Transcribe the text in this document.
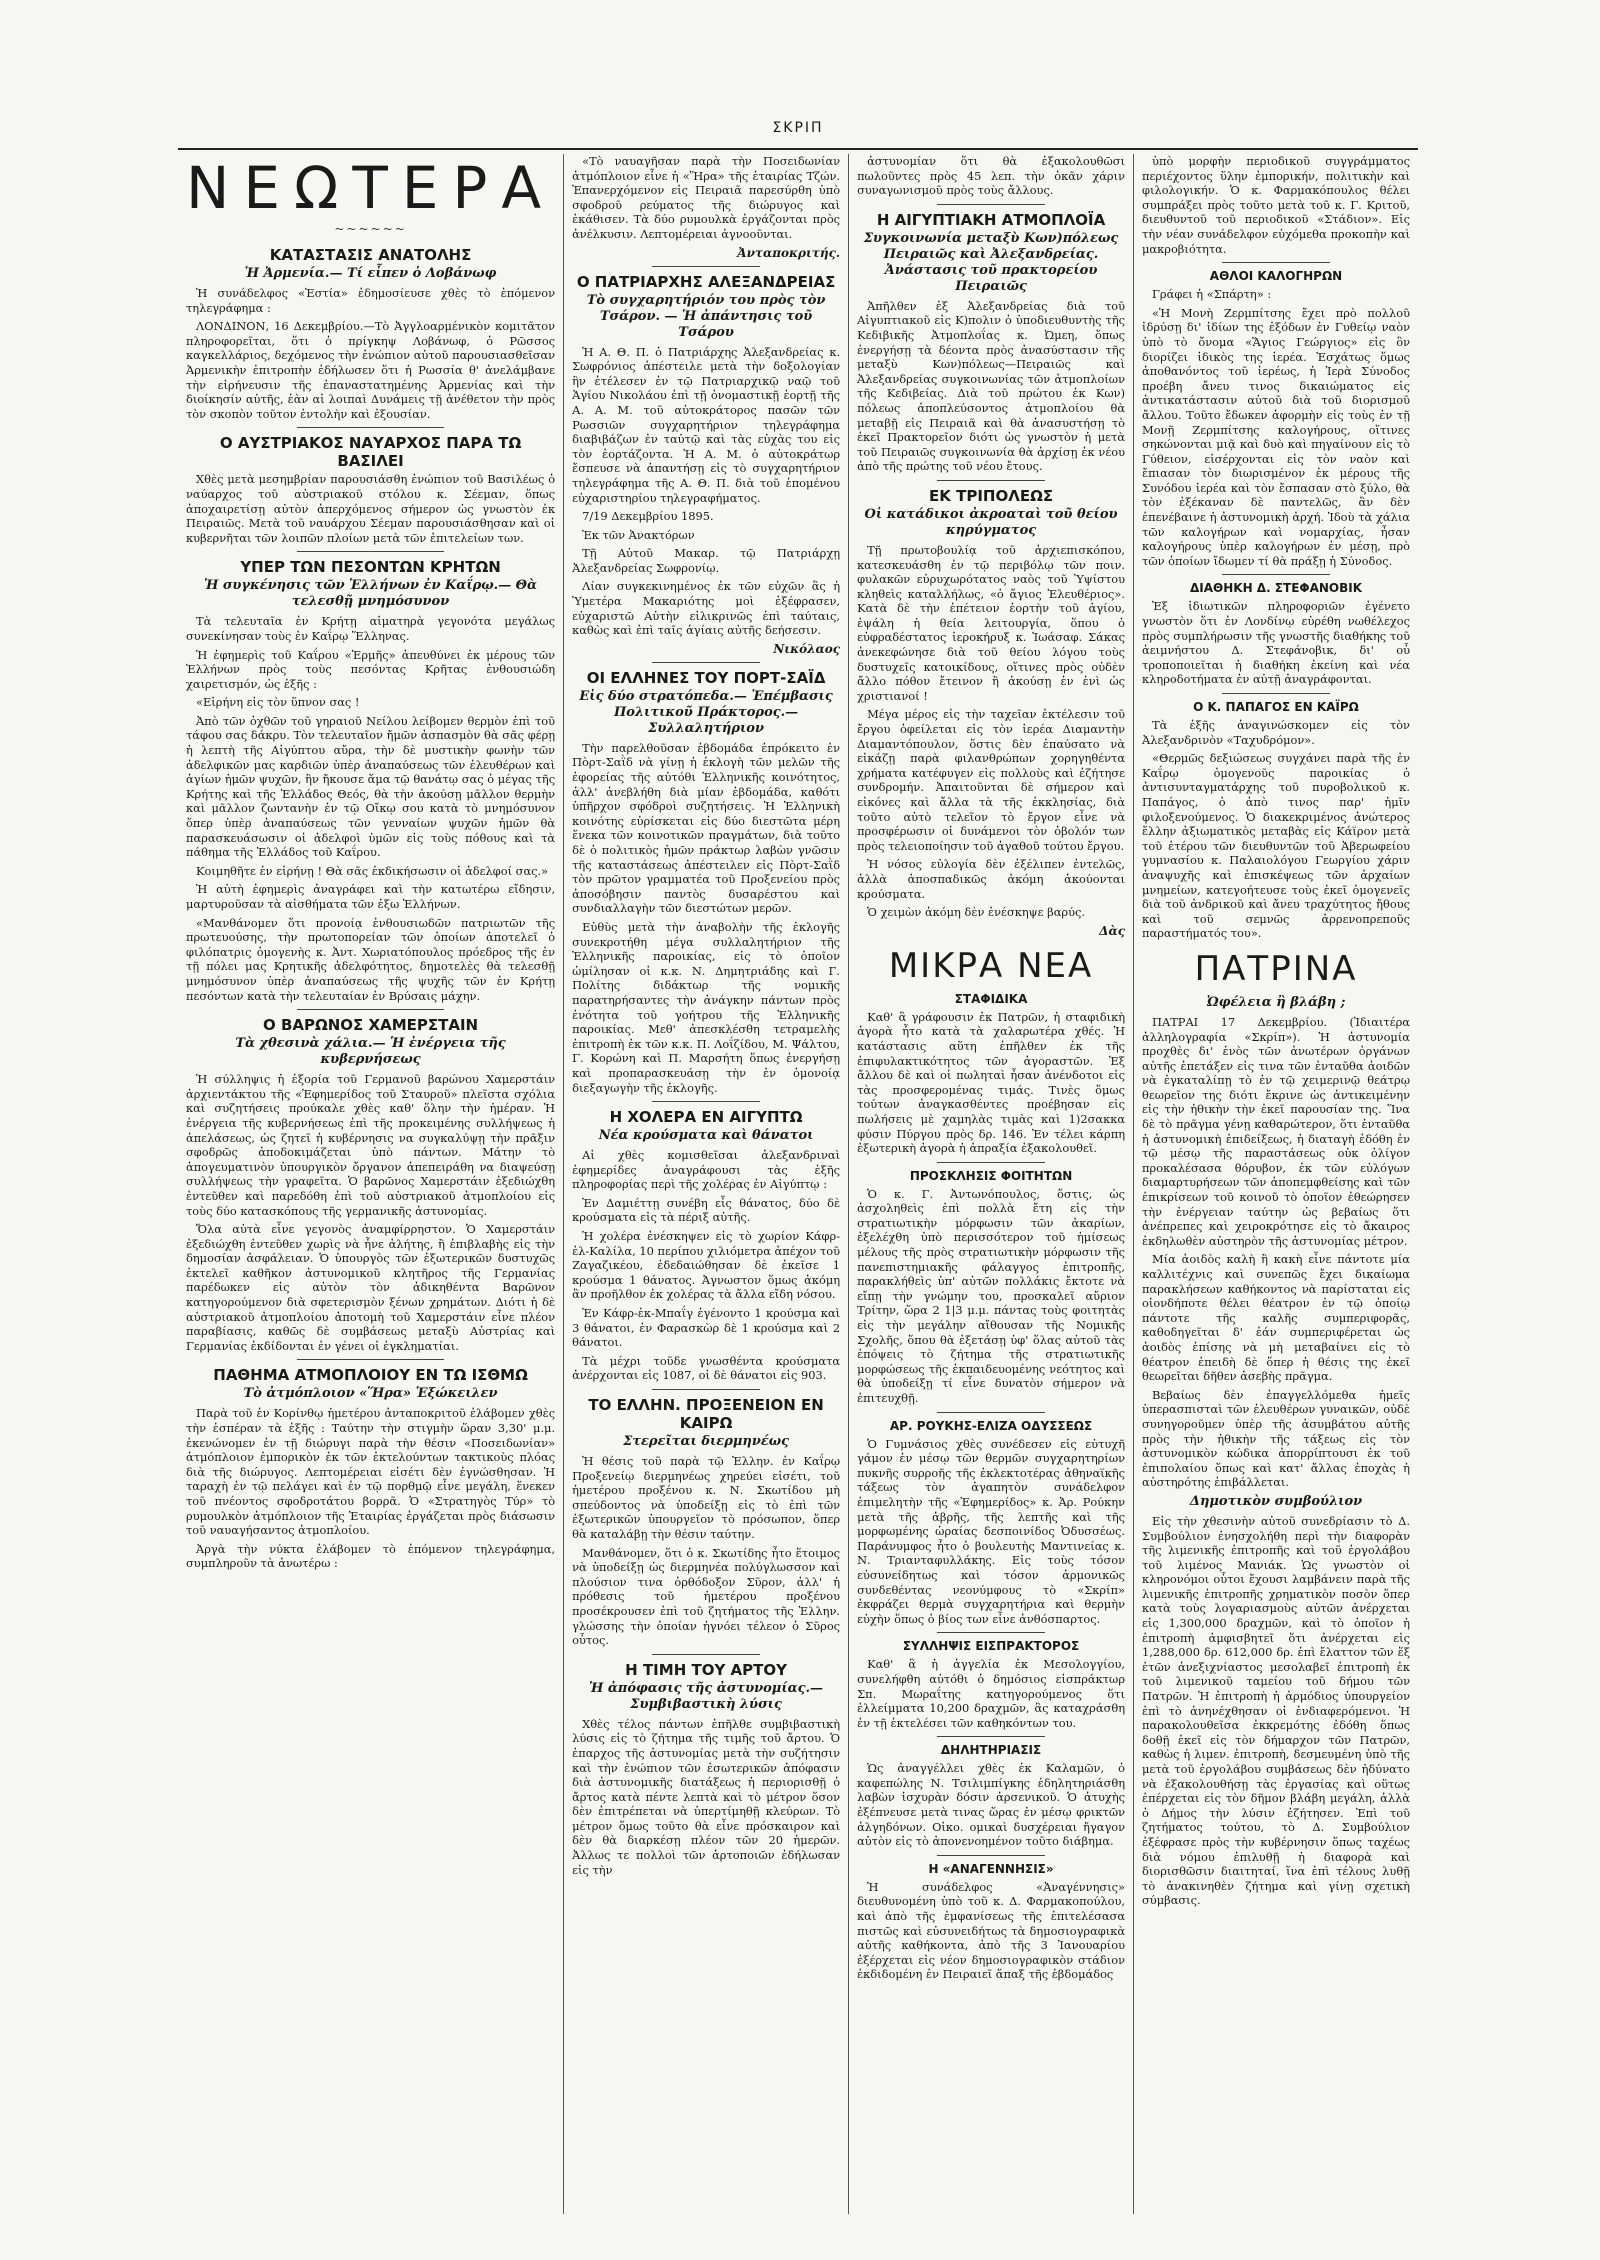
ΣΚΡΙΠ
ΝΕΩΤΕΡΑ
~~~~~~
ΚΑΤΑΣΤΑΣΙΣ ΑΝΑΤΟΛΗΣ
Ἡ Ἀρμενία.— Τί εἶπεν ὁ Λοβάνωφ

Ἡ συνάδελφος «Ἑστία» ἐδημοσίευσε χθὲς τὸ ἑπόμενον τηλεγράφημα :

ΛΟΝΔΙΝΟΝ, 16 Δεκεμβρίου.—Τὸ Ἀγγλοαρμένικὸν κομιτᾶτον πληροφορεῖται, ὅτι ὁ πρίγκηψ Λοβάνωφ, ὁ Ρῶσσος καγκελλάριος, δεχόμενος τὴν ἐνώπιον αὐτοῦ παρουσιασθεῖσαν Ἀρμενικὴν ἐπιτροπὴν ἐδήλωσεν ὅτι ἡ Ρωσσία θ' ἀνελάμβανε τὴν εἰρήνευσιν τῆς ἐπαναστατημένης Ἀρμενίας καὶ τὴν διοίκησίν αὐτῆς, ἐὰν αἱ λοιπαὶ Δυνάμεις τῇ ἀνέθετον τὴν πρὸς τὸν σκοπὸν τοῦτον ἐντολὴν καὶ ἐξουσίαν.

Ο ΑΥΣΤΡΙΑΚΟΣ ΝΑΥΑΡΧΟΣ ΠΑΡΑ ΤΩ ΒΑΣΙΛΕΙ

Χθὲς μετὰ μεσημβρίαν παρουσιάσθη ἐνώπιον τοῦ Βασιλέως ὁ ναύαρχος τοῦ αὐστριακοῦ στόλου κ. Σέεμαν, ὅπως ἀποχαιρετίσῃ αὐτὸν ἀπερχόμενος σήμερον ὡς γνωστὸν ἐκ Πειραιῶς. Μετὰ τοῦ ναυάρχου Σέεμαν παρουσιάσθησαν καὶ οἱ κυβερνῆται τῶν λοιπῶν πλοίων μετὰ τῶν ἐπιτελείων των.

ΥΠΕΡ ΤΩΝ ΠΕΣΟΝΤΩΝ ΚΡΗΤΩΝ
Ἡ συγκένησις τῶν Ἑλλήνων ἐν Καΐρῳ.— Θὰ τελεσθῇ μνημόσυνον

Τὰ τελευταῖα ἐν Κρήτῃ αἱματηρὰ γεγονότα μεγάλως συνεκίνησαν τοὺς ἐν Καΐρῳ Ἕλληνας.

Ἡ ἐφημερὶς τοῦ Καΐρου «Ἑρμῆς» ἀπευθύνει ἐκ μέρους τῶν Ἑλλήνων πρὸς τοὺς πεσόντας Κρῆτας ἐνθουσιώδη χαιρετισμόν, ὡς ἑξῆς :

«Εἰρήνη εἰς τὸν ὕπνον σας !

Ἀπὸ τῶν ὀχθῶν τοῦ γηραιοῦ Νείλου λείβομεν θερμὸν ἐπὶ τοῦ τάφου σας δάκρυ. Τὸν τελευταῖον ἤμῶν ἀσπασμὸν θὰ σᾶς φέρῃ ἡ λεπτὴ τῆς Αἰγύπτου αὔρα, τὴν δὲ μυστικὴν φωνὴν τῶν ἀδελφικῶν μας καρδιῶν ὑπὲρ ἀναπαύσεως τῶν ἐλευθέρων καὶ ἁγίων ἡμῶν ψυχῶν, ἣν ἤκουσε ἅμα τῷ θανάτῳ σας ὁ μέγας τῆς Κρήτης καὶ τῆς Ἑλλάδος Θεός, θὰ τὴν ἀκούσῃ μᾶλλον θερμὴν καὶ μᾶλλον ζωντανὴν ἐν τῷ Οἴκῳ σου κατὰ τὸ μνημόσυνον ὅπερ ὑπὲρ ἀναπαύσεως τῶν γενναίων ψυχῶν ἡμῶν θὰ παρασκευάσωσιν οἱ ἀδελφοὶ ὑμῶν εἰς τοὺς πόθους καὶ τὰ πάθημα τῆς Ἑλλάδος τοῦ Καΐρου.

Κοιμηθῆτε ἐν εἰρήνῃ ! Θὰ σᾶς ἐκδικήσωσιν οἱ ἀδελφοί σας.»

Ἡ αὐτὴ ἐφημερὶς ἀναγράφει καὶ τὴν κατωτέρω εἴδησιν, μαρτυροῦσαν τὰ αἰσθήματα τῶν ἐξω Ἑλλήνων.

«Μανθάνομεν ὅτι προνοίᾳ ἐνθουσιωδῶν πατριωτῶν τῆς πρωτευούσης, τὴν πρωτοπορείαν τῶν ὁποίων ἀποτελεῖ ὁ φιλόπατρις ὁμογενὴς κ. Ἀντ. Χωριατόπουλος πρόεδρος τῆς ἐν τῇ πόλει μας Κρητικῆς ἀδελφότητος, δημοτελὲς θὰ τελεσθῇ μνημόσυνον ὑπὲρ ἀναπαύσεως τῆς ψυχῆς τῶν ἐν Κρήτῃ πεσόντων κατὰ τὴν τελευταίαν ἐν Βρύσαις μάχην.

Ο ΒΑΡΩΝΟΣ ΧΑΜΕΡΣΤΑΙΝ
Τὰ χθεσινὰ χάλια.— Ἡ ἐνέργεια τῆς κυβερνήσεως

Ἡ σύλληψις ἡ ἐξορία τοῦ Γερμανοῦ βαρώνου Χαμερστάιν ἀρχιεντάκτου τῆς «Ἐφημερίδος τοῦ Σταυροῦ» πλεῖστα σχόλια καὶ συζητήσεις προύκαλε χθὲς καθ' ὅλην τὴν ἡμέραν. Ἡ ἐνέργεια τῆς κυβερνήσεως ἐπὶ τῆς προκειμένης συλλήψεως ἡ ἀπελάσεως, ὡς ζητεῖ ἡ κυβέρνησις να συγκαλύψῃ τὴν πρᾶξιν σφοδρῶς ἀποδοκιμάζεται ὑπὸ πάντων. Μάτην τὸ ἀπογευματινὸν ὑπουργικὸν ὄργανον ἀπεπειράθη να διαψεύσῃ συλλήψεως τὴν γραφεῖτα. Ὁ βαρῶνος Χαμερστάιν ἐξεδιώχθη ἐντεῦθεν καὶ παρεδόθη ἐπὶ τοῦ αὐστριακοῦ ἀτμοπλοίου εἰς τοὺς δύο κατασκόπους τῆς γερμανικῆς ἀστυνομίας.

Ὅλα αὐτὰ εἶνε γεγονὸς ἀναμφίρρηστον. Ὁ Χαμερστάιν ἐξεδιώχθη ἐντεῦθεν χωρὶς νὰ ἦνε ἀλήτης, ἢ ἐπιβλαβὴς εἰς τὴν δημοσίαν ἀσφάλειαν. Ὁ ὑπουργὸς τῶν ἐξωτερικῶν δυστυχῶς ἐκτελεῖ καθῆκον ἀστυνομικοῦ κλητῆρος τῆς Γερμανίας παρέδωκεν εἰς αὐτὸν τὸν ἀδικηθέντα Βαρῶνον κατηγορούμενον διὰ σφετερισμὸν ξένων χρημάτων. Διότι ἡ δὲ αὐστριακοῦ ἀτμοπλοίου ἀποτομὴ τοῦ Χαμερστάιν εἶνε πλέον παραβίασις, καθῶς δὲ συμβάσεως μεταξὺ Αὐστρίας καὶ Γερμανίας ἐκδίδονται ἐν γένει οἱ ἐγκληματίαι.

ΠΑΘΗΜΑ ΑΤΜΟΠΛΟΙΟΥ ΕΝ ΤΩ ΙΣΘΜΩ
Τὸ ἀτμόπλοιον «Ἥρα» Ἐξώκειλεν

Παρὰ τοῦ ἐν Κορίνθῳ ἡμετέρου ἀνταποκριτοῦ ἐλάβομεν χθὲς τὴν ἑσπέραν τὰ ἑξῆς : Ταύτην τὴν στιγμὴν ὥραν 3,30' μ.μ. ἐκενώνομεν ἐν τῇ διώρυγι παρὰ τὴν θέσιν «Ποσειδωνίαν» ἀτμόπλοιον ἐμπορικὸν ἐκ τῶν ἐκτελούντων τακτικοὺς πλόας διὰ τῆς διώρυγος. Λεπτομέρειαι εἰσέτι δὲν ἐγνώσθησαν. Ἡ ταραχὴ ἐν τῷ πελάγει καὶ ἐν τῷ πορθμῷ εἶνε μεγάλη, ἕνεκεν τοῦ πνέοντος σφοδροτάτου βορρᾶ. Ὁ «Στρατηγὸς Τύρ» τὸ ρυμουλκὸν ἀτμόπλοιον τῆς Ἑταιρίας ἐργάζεται πρὸς διάσωσιν τοῦ ναυαγήσαντος ἀτμοπλοίου.

Ἀργὰ τὴν νύκτα ἐλάβομεν τὸ ἑπόμενον τηλεγράφημα, συμπληροῦν τὰ ἀνωτέρω :

«Τὸ ναυαγῆσαν παρὰ τὴν Ποσειδωνίαν ἀτμόπλοιον εἶνε ἡ «Ἥρα» τῆς ἑταιρίας Τζών. Ἐπανερχόμενον εἰς Πειραιᾶ παρεσύρθη ὑπὸ σφοδροῦ ρεύματος τῆς διώρυγος καὶ ἐκάθισεν. Τὰ δύο ρυμουλκὰ ἐργάζονται πρὸς ἀνέλκυσιν. Λεπτομέρειαι ἀγνοοῦνται.

Ἀνταποκριτής.
Ο ΠΑΤΡΙΑΡΧΗΣ ΑΛΕΞΑΝΔΡΕΙΑΣ
Τὸ συγχαρητήριόν του πρὸς τὸν Τσάρον. — Ἡ ἀπάντησις τοῦ Τσάρου

Ἡ Α. Θ. Π. ὁ Πατριάρχης Ἀλεξανδρείας κ. Σωφρόνιος ἀπέστειλε μετὰ τὴν δοξολογίαν ἣν ἐτέλεσεν ἐν τῷ Πατριαρχικῷ ναῷ τοῦ Ἁγίου Νικολάου ἐπὶ τῇ ὀνομαστικῇ ἑορτῇ τῆς Α. Α. Μ. τοῦ αὐτοκράτορος πασῶν τῶν Ρωσσιῶν συγχαρητήριον τηλεγράφημα διαβιβάζων ἐν ταὐτῷ καὶ τὰς εὐχὰς του εἰς τὸν ἑορτάζοντα. Ἡ Α. Μ. ὁ αὐτοκράτωρ ἔσπευσε νὰ ἀπαντήσῃ εἰς τὸ συγχαρητήριον τηλεγράφημα τῆς Α. Θ. Π. διὰ τοῦ ἑπομένου εὐχαριστηρίου τηλεγραφήματος.

7/19 Δεκεμβρίου 1895.

Ἐκ τῶν Ἀνακτόρων

Τῇ Αὐτοῦ Μακαρ. τῷ Πατριάρχῃ Ἀλεξανδρείας Σωφρονίῳ.

Λίαν συγκεκινημένος ἐκ τῶν εὐχῶν ἃς ἡ Ὑμετέρα Μακαριότης μοὶ ἐξέφρασεν, εὐχαριστῶ Αὐτὴν εἰλικρινῶς ἐπὶ ταύταις, καθὼς καὶ ἐπὶ ταῖς ἁγίαις αὐτῆς δεήσεσιν.

Νικόλαος
ΟΙ ΕΛΛΗΝΕΣ ΤΟΥ ΠΟΡΤ-ΣΑΪΔ
Εἰς δύο στρατόπεδα.— Ἐπέμβασις Πολιτικοῦ Πράκτορος.— Συλλαλητήριον

Τὴν παρελθοῦσαν ἑβδομάδα ἐπρόκειτο ἐν Πὸρτ-Σαῒδ νὰ γίνῃ ἡ ἐκλογὴ τῶν μελῶν τῆς ἐφορείας τῆς αὐτόθι Ἑλληνικῆς κοινότητος, ἀλλ' ἀνεβλήθη διὰ μίαν ἑβδομάδα, καθότι ὑπῆρχον σφόδροὶ συζητήσεις. Ἡ Ἑλληνικὴ κοινότης εὑρίσκεται εἰς δύο διεστῶτα μέρη ἕνεκα τῶν κοινοτικῶν πραγμάτων, διὰ τοῦτο δὲ ὁ πολιτικὸς ἡμῶν πράκτωρ λαβὼν γνῶσιν τῆς καταστάσεως ἀπέστειλεν εἰς Πὸρτ-Σαῒδ τὸν πρῶτον γραμματέα τοῦ Προξενείου πρὸς ἀποσόβησιν παντὸς δυσαρέστου καὶ συνδιαλλαγὴν τῶν διεστώτων μερῶν.

Εὐθὺς μετὰ τὴν ἀναβολὴν τῆς ἐκλογῆς συνεκροτήθη μέγα συλλαλητήριον τῆς Ἑλληνικῆς παροικίας, εἰς τὸ ὁποῖον ὡμίλησαν οἱ κ.κ. Ν. Δημητριάδης καὶ Γ. Πολίτης διδάκτωρ τῆς νομικῆς παρατηρήσαντες τὴν ἀνάγκην πάντων πρὸς ἐνότητα τοῦ γοήτρου τῆς Ἑλληνικῆς παροικίας. Μεθ' ἀπεσκλέσθη τετραμελὴς ἐπιτροπὴ ἐκ τῶν κ.κ. Π. Λοΐζίδου, Μ. Ψάλτου, Γ. Κορώνη καὶ Π. Μαρσήτη ὅπως ἐνεργήσῃ καὶ προπαρασκευάσῃ τὴν ἐν ὁμονοίᾳ διεξαγωγὴν τῆς ἐκλογῆς.

Η ΧΟΛΕΡΑ ΕΝ ΑΙΓΥΠΤΩ
Νέα κρούσματα καὶ θάνατοι

Αἱ χθὲς κομισθεῖσαι ἀλεξανδριναὶ ἐφημερίδες ἀναγράφουσι τὰς ἑξῆς πληροφορίας περὶ τῆς χολέρας ἐν Αἰγύπτῳ :

Ἐν Δαμιέττῃ συνέβη εἷς θάνατος, δύο δὲ κρούσματα εἰς τὰ πέριξ αὐτῆς.

Ἡ χολέρα ἐνέσκηψεν εἰς τὸ χωρίον Κάφρ-ἐλ-Καλίλα, 10 περίπου χιλιόμετρα ἀπέχον τοῦ Ζαγαζικέου, ἐδεδαιώθησαν δὲ ἐκεῖσε 1 κρούσμα 1 θάνατος. Ἀγνωστον ὅμως ἀκόμη ἂν προῆλθον ἐκ χολέρας τὰ ἄλλα εἴδη νόσου.

Ἐν Κάφρ-ἐκ-Μπαΐγ ἐγένοντο 1 κρούσμα καὶ 3 θάνατοι, ἐν Φαρασκὼρ δὲ 1 κρούσμα καὶ 2 θάνατοι.

Τὰ μέχρι τοῦδε γνωσθέντα κρούσματα ἀνέρχονται εἰς 1087, οἱ δὲ θάνατοι εἰς 903.

ΤΟ ΕΛΛΗΝ. ΠΡΟΞΕΝΕΙΟΝ ΕΝ ΚΑΙΡΩ
Στερεῖται διερμηνέως

Ἡ θέσις τοῦ παρὰ τῷ Ἑλλην. ἐν Καΐρῳ Προξενείῳ διερμηνέως χηρεύει εἰσέτι, τοῦ ἡμετέρου προξένου κ. Ν. Σκωτίδου μὴ σπεύδοντος νὰ ὑποδείξῃ εἰς τὸ ἐπὶ τῶν ἐξωτερικῶν ὑπουργεῖον τὸ πρόσωπον, ὅπερ θὰ καταλάβῃ τὴν θέσιν ταύτην.

Μανθάνομεν, ὅτι ὁ κ. Σκωτίδης ἦτο ἕτοιμος νὰ ὑποδείξῃ ὡς διερμηνέα πολύγλωσσον καὶ πλούσιον τινα ὀρθόδοξον Σῦρον, ἀλλ' ἡ πρόθεσις τοῦ ἡμετέρου προξένου προσέκρουσεν ἐπὶ τοῦ ζητήματος τῆς Ἑλλην. γλώσσης τὴν ὁποίαν ἠγνόει τέλεον ὁ Σῦρος οὗτος.

Η ΤΙΜΗ ΤΟΥ ΑΡΤΟΥ
Ἡ ἀπόφασις τῆς ἀστυνομίας.— Συμβιβαστικὴ λύσις

Χθὲς τέλος πάντων ἐπῆλθε συμβιβαστικὴ λύσις εἰς τὸ ζήτημα τῆς τιμῆς τοῦ ἄρτου. Ὁ ἐπαρχος τῆς ἀστυνομίας μετὰ τὴν συζήτησιν καὶ τὴν ἐνώπιον τῶν ἐσωτερικῶν ἀπόφασιν διὰ ἀστυνομικῆς διατάξεως ἡ περιορισθῇ ὁ ἄρτος κατὰ πέντε λεπτὰ καὶ τὸ μέτρον ὅσον δὲν ἐπιτρέπεται νὰ ὑπερτίμηθῇ κλεύρων. Τὸ μέτρον ὅμως τοῦτο θὰ εἶνε πρόσκαιρον καὶ δὲν θὰ διαρκέσῃ πλέον τῶν 20 ἡμερῶν. Ἀλλως τε πολλοὶ τῶν ἀρτοποιῶν ἐδήλωσαν εἰς τὴν

ἀστυνομίαν ὅτι θὰ ἐξακολουθῶσι πωλοῦντες πρὸς 45 λεπ. τὴν ὀκᾶν χάριν συναγωνισμοῦ πρὸς τοὺς ἄλλους.

Η ΑΙΓΥΠΤΙΑΚΗ ΑΤΜΟΠΛΟΪΑ
Συγκοινωνία μεταξὺ Κων)πόλεως Πειραιῶς καὶ Ἀλεξανδρείας. Ἀνάστασις τοῦ πρακτορείου Πειραιῶς

Ἀπῆλθεν ἐξ Ἀλεξανδρείας διὰ τοῦ Αἰγυπτιακοῦ εἰς Κ)πολιν ὁ ὑποδιευθυντὴς τῆς Κεδιβικῆς Ἀτμοπλοΐας κ. Ὠμεη, ὅπως ἐνεργήσῃ τὰ δέοντα πρὸς ἀνασύστασιν τῆς μεταξὺ Κων)πόλεως—Πειραιῶς καὶ Ἀλεξανδρείας συγκοινωνίας τῶν ἀτμοπλοίων τῆς Κεδιβείας. Διὰ τοῦ πρώτου ἐκ Κων) πόλεως ἀποπλεύσοντος ἀτμοπλοίου θὰ μεταβῇ εἰς Πειραιᾶ καὶ θὰ ἀνασυστήσῃ τὸ ἐκεῖ Πρακτορεῖον διότι ὡς γνωστὸν ἡ μετὰ τοῦ Πειραιῶς συγκοινωνία θὰ ἀρχίσῃ ἐκ νέου ἀπὸ τῆς πρώτης τοῦ νέου ἔτους.

ΕΚ ΤΡΙΠΟΛΕΩΣ
Οἱ κατάδικοι ἀκροαταὶ τοῦ θείου κηρύγματος

Τῇ πρωτοβουλίᾳ τοῦ ἀρχιεπισκόπου, κατεσκευάσθη ἐν τῷ περιβόλῳ τῶν ποιν. φυλακῶν εὐρυχωρότατος ναὸς τοῦ Ὑψίστου κληθεὶς καταλλήλως, «ὁ ἅγιος Ἐλευθέριος». Κατὰ δὲ τὴν ἐπέτειον ἑορτὴν τοῦ ἁγίου, ἐψάλη ἡ θεία λειτουργία, ὅπου ὁ εὐφραδέστατος ἱεροκήρυξ κ. Ἰωάσαφ. Σάκας ἀνεκεφώνησε διὰ τοῦ θείου λόγου τοὺς δυστυχεῖς κατοικίδους, οἵτινες πρὸς οὐδὲν ἄλλο πόθον ἔτεινον ἢ ἀκούσῃ ἐν ἑνὶ ὡς χριστιανοί !

Μέγα μέρος εἰς τὴν ταχεῖαν ἐκτέλεσιν τοῦ ἔργου ὀφείλεται εἰς τὸν ἱερέα Διαμαντὴν Διαμαντόπουλον, ὅστις δὲν ἐπαύσατο νὰ εἰκάζῃ παρὰ φιλανθρώπων χορηγηθέντα χρήματα κατέφυγεν εἰς πολλοὺς καὶ ἐζήτησε συνδρομήν. Ἀπαιτοῦνται δὲ σήμερον καὶ εἰκόνες καὶ ἄλλα τὰ τῆς ἐκκλησίας, διὰ τοῦτο αὐτὸ τελεῖον τὸ ἔργον εἶνε νὰ προσφέρωσιν οἱ δυνάμενοι τὸν ὀβολόν των πρὸς τελειοποίησιν τοῦ ἀγαθοῦ τούτου ἔργου.

Ἡ νόσος εὐλογία δὲν ἐξέλιπεν ἐντελῶς, ἀλλὰ ἀποσπαδικῶς ἀκόμη ἀκούονται κρούσματα.

Ὁ χειμὼν ἀκόμη δὲν ἐνέσκηψε βαρύς.

Δὰς
ΜΙΚΡΑ ΝΕΑ
ΣΤΑΦΙΔΙΚΑ

Καθ' ἃ γράφουσιν ἐκ Πατρῶν, ἡ σταφιδικὴ ἀγορὰ ἦτο κατὰ τὰ χαλαρωτέρα χθές. Ἡ κατάστασις αὕτη ἐπῆλθεν ἐκ τῆς ἐπιφυλακτικότητος τῶν ἀγοραστῶν. Ἐξ ἄλλου δὲ καὶ οἱ πωληταὶ ἦσαν ἀνένδοτοι εἰς τὰς προσφερομένας τιμάς. Τινὲς ὅμως τούτων ἀναγκασθέντες προέβησαν εἰς πωλήσεις μὲ χαμηλὰς τιμὰς καὶ 1)2σακκα φύσιν Πύργου πρὸς δρ. 146. Ἐν τέλει κάρπη ἐξωτερικὴ ἀγορὰ ἡ ἀπραξία ἐξακολουθεῖ.

ΠΡΟΣΚΛΗΣΙΣ ΦΟΙΤΗΤΩΝ

Ὁ κ. Γ. Ἀντωνόπουλος, ὅστις, ὡς ἀσχοληθεὶς ἐπὶ πολλὰ ἔτη εἰς τὴν στρατιωτικὴν μόρφωσιν τῶν ἀκαρίων, ἐξελέχθη ὑπὸ περισσότερον τοῦ ἡμίσεως μέλους τῆς πρὸς στρατιωτικὴν μόρφωσιν τῆς πανεπιστημιακῆς φάλαγγος ἐπιτροπῆς, παρακλήθεὶς ὑπ' αὐτῶν πολλάκις ἔκτοτε νὰ εἴπῃ τὴν γνώμην του, προσκαλεῖ αὔριον Τρίτην, ὥρα 2 1|3 μ.μ. πάντας τοὺς φοιτητὰς εἰς τὴν μεγάλην αἴθουσαν τῆς Νομικῆς Σχολῆς, ὅπου θὰ ἐξετάσῃ ὑφ' ὅλας αὐτοῦ τὰς ἐπόψεις τὸ ζήτημα τῆς στρατιωτικῆς μορφώσεως τῆς ἐκπαιδευομένης νεότητος καὶ θὰ ὑποδείξῃ τί εἶνε δυνατὸν σήμερον νὰ ἐπιτευχθῇ.

ΑΡ. ΡΟΥΚΗΣ-ΕΛΙΖΑ ΟΔΥΣΣΕΩΣ

Ὁ Γυμνάσιος χθὲς συνέδεσεν εἰς εὐτυχῆ γάμον ἐν μέσῳ τῶν θερμῶν συγχαρητηρίων πυκνῆς συρροῆς τῆς ἐκλεκτοτέρας ἀθηναϊκῆς τάξεως τὸν ἀγαπητὸν συνάδελφον ἐπιμελητὴν τῆς «Ἐφημερίδος» κ. Ἀρ. Ρούκην μετὰ τῆς ἁβρῆς, τῆς λεπτῆς καὶ τῆς μορφωμένης ὡραίας δεσποινίδος Ὀδυσσέως. Παράνυμφος ἦτο ὁ βουλευτὴς Μαντινείας κ. Ν. Τριανταφυλλάκης. Εἰς τοὺς τόσον εὐσυνείδητως καὶ τόσον ἁρμονικῶς συνδεθέντας νεονύμφους τὸ «Σκρίπ» ἐκφράζει θερμὰ συγχαρητήρια καὶ θερμὴν εὐχὴν ὅπως ὁ βίος των εἶνε ἀνθόσπαρτος.

ΣΥΛΛΗΨΙΣ ΕΙΣΠΡΑΚΤΟΡΟΣ

Καθ' ἃ ἡ ἀγγελία ἐκ Μεσολογγίου, συνελήφθη αὐτόθι ὁ δημόσιος εἰσπράκτωρ Σπ. Μωραΐτης κατηγορούμενος ὅτι ἐλλείμματα 10,200 δραχμῶν, ἃς καταχράσθη ἐν τῇ ἐκτελέσει τῶν καθηκόντων του.

ΔΗΛΗΤΗΡΙΑΣΙΣ

Ὡς ἀναγγέλλει χθὲς ἐκ Καλαμῶν, ὁ καφεπώλης Ν. Τσιλιμπίγκης ἐδηλητηριάσθη λαβὼν ἰσχυρὰν δόσιν ἀρσενικοῦ. Ὁ ἀτυχὴς ἐξέπνευσε μετὰ τινας ὥρας ἐν μέσῳ φρικτῶν ἀλγηδόνων. Οἰκο. ομικαὶ δυσχέρειαι ἤγαγον αὐτὸν εἰς τὸ ἀπονενοημένον τοῦτο διάβημα.

Η «ΑΝΑΓΕΝΝΗΣΙΣ»

Ἡ συνάδελφος «Ἀναγέννησις» διευθυνομένη ὑπὸ τοῦ κ. Δ. Φαρμακοπούλου, καὶ ἀπὸ τῆς ἐμφανίσεως τῆς ἐπιτελέσασα πιστῶς καὶ εὐσυνειδήτως τὰ δημοσιογραφικὰ αὐτῆς καθήκοντα, ἀπὸ τῆς 3 Ἰανουαρίου ἐξέρχεται εἰς νέον δημοσιογραφικὸν στάδιον ἐκδιδομένη ἐν Πειραιεῖ ἅπαξ τῆς ἑβδομάδος

ὑπὸ μορφὴν περιοδικοῦ συγγράμματος περιέχοντος ὕλην ἐμπορικήν, πολιτικὴν καὶ φιλολογικήν. Ὁ κ. Φαρμακόπουλος θέλει συμπράξει πρὸς τοῦτο μετὰ τοῦ κ. Γ. Κριτοῦ, διευθυντοῦ τοῦ περιοδικοῦ «Στάδιον». Εἰς τὴν νέαν συνάδελφον εὐχόμεθα προκοπὴν καὶ μακροβιότητα.

ΑΘΛΟΙ ΚΑΛΟΓΗΡΩΝ

Γράφει ἡ «Σπάρτη» :

«Ἡ Μονὴ Ζερμπίτσης ἔχει πρὸ πολλοῦ ἱδρύσῃ δι' ἰδίων της ἐξόδων ἐν Γυθείῳ ναὸν ὑπὸ τὸ ὄνομα «Ἅγιος Γεώργιος» εἰς ὃν διορίζει ἰδικὸς της ἱερέα. Ἐσχάτως ὅμως ἀποθανόντος τοῦ ἱερέως, ἡ Ἱερὰ Σύνοδος προέβη ἄνευ τινος δικαιώματος εἰς ἀντικατάστασιν αὐτοῦ διὰ τοῦ διορισμοῦ ἄλλου. Τοῦτο ἔδωκεν ἀφορμὴν εἰς τοὺς ἐν τῇ Μονῇ Ζερμπίτσης καλογήρους, οἵτινες σηκώνονται μιᾷ καὶ δυὸ καὶ πηγαίνουν εἰς τὸ Γύθειον, εἰσέρχονται εἰς τὸν ναὸν καὶ ἔπιασαν τὸν διωρισμένον ἐκ μέρους τῆς Συνόδου ἱερέα καὶ τὸν ἔσπασαν στὸ ξύλο, θὰ τὸν ἐξέκαναν δὲ παντελῶς, ἂν δὲν ἐπενέβαινε ἡ ἀστυνομικὴ ἀρχή. Ἰδοὺ τὰ χάλια τῶν καλογήρων καὶ νομαρχίας, ἦσαν καλογήρους ὑπὲρ καλογήρων ἐν μέσῃ, πρὸ τῶν ὁποίων ἴδωμεν τί θὰ πράξῃ ἡ Σύνοδος.

ΔΙΑΘΗΚΗ Δ. ΣΤΕΦΑΝΟΒΙΚ

Ἐξ ἰδιωτικῶν πληροφοριῶν ἐγένετο γνωστὸν ὅτι ἐν Λονδίνῳ εὑρέθη νωθέλεχος πρὸς συμπλήρωσιν τῆς γνωστῆς διαθήκης τοῦ ἀειμνήστου Δ. Στεφάνοβικ, δι' οὗ τροποποιεῖται ἡ διαθήκη ἐκείνη καὶ νέα κληροδοτήματα ἐν αὐτῇ ἀναγράφονται.

Ο Κ. ΠΑΠΑΓΟΣ ΕΝ ΚΑΪΡΩ

Τὰ ἑξῆς ἀναγινώσκομεν εἰς τὸν Ἀλεξανδρινὸν «Ταχυδρόμον».

«Θερμῶς δεξιώσεως συγχάνει παρὰ τῆς ἐν Καΐρῳ ὁμογενοῦς παροικίας ὁ ἀντισυνταγματάρχης τοῦ πυροβολικοῦ κ. Παπάγος, ὁ ἀπὸ τινος παρ' ἡμῖν φιλοξενούμενος. Ὁ διακεκριμένος ἀνώτερος ἕλλην ἀξιωματικὸς μεταβὰς εἰς Κάϊρον μετὰ τοῦ ἑτέρου τῶν διευθυντῶν τοῦ Ἀβερωφείου γυμνασίου κ. Παλαιολόγου Γεωργίου χάριν ἀναψυχῆς καὶ ἐπισκέψεως τῶν ἀρχαίων μνημείων, κατεγοήτευσε τοὺς ἐκεῖ ὁμογενεῖς διὰ τοῦ ἀνδρικοῦ καὶ ἄνευ τραχύτητος ἤθους καὶ τοῦ σεμνῶς ἀρρενοπρεποῦς παραστήματός του».

ΠΑΤΡΙΝΑ
Ὠφέλεια ἢ βλάβη ;

ΠΑΤΡΑΙ 17 Δεκεμβρίου. (Ἰδιαιτέρα ἀλληλογραφία «Σκρίπ»). Ἡ ἀστυνομία προχθὲς δι' ἑνὸς τῶν ἀνωτέρων ὀργάνων αὐτῆς ἐπετάξεν εἰς τινα τῶν ἐνταῦθα ἀοιδῶν νὰ ἐγκαταλίπῃ τὸ ἐν τῷ χειμερινῷ θεάτρῳ θεωρεῖον της διότι ἔκρινε ὡς ἀντικειμένην εἰς τὴν ἠθικὴν τὴν ἐκεῖ παρουσίαν της. Ἵνα δὲ τὸ πρᾶγμα γένῃ καθαρώτερον, ὅτι ἐνταῦθα ἡ ἀστυνομικὴ ἐπιδείξεως, ἡ διαταγὴ ἐδόθη ἐν τῷ μέσῳ τῆς παραστάσεως οὐκ ὀλίγον προκαλέσασα θόρυβον, ἐκ τῶν εὐλόγων διαμαρτυρήσεων τῶν ἀποπεμφθείσης καὶ τῶν ἐπικρίσεων τοῦ κοινοῦ τὸ ὁποῖον ἐθεώρησεν τὴν ἐνέργειαν ταύτην ὡς βεβαίως ὅτι ἀνέπρεπες καὶ χειροκρότησε εἰς τὸ ἄκαιρος ἐκδηλωθὲν αὐστηρὸν τῆς ἀστυνομίας μέτρον.

Μία ἀοιδὸς καλὴ ἢ κακὴ εἶνε πάντοτε μία καλλιτέχνις καὶ συνεπῶς ἔχει δικαίωμα παρακλήσεων καθήκοντος νὰ παρίσταται εἰς οἱονδήποτε θέλει θέατρον ἐν τῷ ὁποίῳ πάντοτε τῆς καλῆς συμπεριφορᾶς, καθοδηγεῖται δ' ἐάν συμπεριφέρεται ὡς ἀοιδὸς ἐπίσης νὰ μὴ μεταβαίνει εἰς τὸ θέατρον ἐπειδὴ δὲ ὅπερ ἡ θέσις της ἐκεῖ θεωρεῖται δῆθεν ἀσεβὴς πρᾶγμα.

Βεβαίως δὲν ἐπαγγελλόμεθα ἡμεῖς ὑπερασπισταὶ τῶν ἐλευθέρων γυναικῶν, οὐδὲ συνηγοροῦμεν ὑπὲρ τῆς ἀσυμβάτου αὐτῆς πρὸς τὴν ἠθικὴν τῆς τάξεως εἰς τὸν ἀστυνομικὸν κώδικα ἀπορρίπτουσι ἐκ τοῦ ἐπιπολαίου ὅπως καὶ κατ' ἄλλας ἐποχὰς ἡ αὐστηρότης ἐπιβάλλεται.

Δημοτικὸν συμβούλιον

Εἰς τὴν χθεσινὴν αὐτοῦ συνεδρίασιν τὸ Δ. Συμβούλιον ἐνησχολήθη περὶ τὴν διαφορὰν τῆς λιμενικῆς ἐπιτροπῆς καὶ τοῦ ἐργολάβου τοῦ λιμένος Μανιάκ. Ὡς γνωστὸν οἱ κληρονόμοι οὗτοι ἔχουσι λαμβάνειν παρὰ τῆς λιμενικῆς ἐπιτροπῆς χρηματικὸν ποσὸν ὅπερ κατὰ τοὺς λογαριασμοὺς αὐτῶν ἀνέρχεται εἰς 1,300,000 δραχμῶν, καὶ τὸ ὁποῖον ἡ ἐπιτροπὴ ἀμφισβητεῖ ὅτι ἀνέρχεται εἰς 1,288,000 δρ. 612,000 δρ. ἐπὶ ἔλαττον τῶν ἕξ ἐτῶν ἀνεξιχνίαστος μεσολαβεῖ ἐπιτροπὴ ἐκ τοῦ λιμενικοῦ ταμείου τοῦ δήμου τῶν Πατρῶν. Ἡ ἐπιτροπὴ ἡ ἀρμόδιος ὑπουργείον ἐπὶ τὸ ἀνηνέχθησαν οἱ ἐνδιαφερόμενοι. Ἡ παρακολουθεῖσα ἐκκρεμότης ἐδόθη ὅπως δοθῇ ἐκεῖ εἰς τὸν δήμαρχον τῶν Πατρῶν, καθὼς ἡ λιμεν. ἐπιτροπὴ, δεσμευμένη ὑπὸ τῆς μετὰ τοῦ ἐργολάβου συμβάσεως δὲν ἠδύνατο νὰ ἐξακολουθήσῃ τὰς ἐργασίας καὶ οὕτως ἐπέρχεται εἰς τὸν δῆμον βλάβη μεγάλη, ἀλλὰ ὁ Δήμος τὴν λύσιν ἐζήτησεν. Ἐπὶ τοῦ ζητήματος τούτου, τὸ Δ. Συμβούλιον ἐξέφρασε πρὸς τὴν κυβέρνησιν ὅπως ταχέως διὰ νόμου ἐπιλυθῇ ἡ διαφορὰ καὶ διορισθῶσιν διαιτηταί, ἵνα ἐπὶ τέλους λυθῇ τὸ ἀνακινηθὲν ζήτημα καὶ γίνῃ σχετικὴ σύμβασις.
